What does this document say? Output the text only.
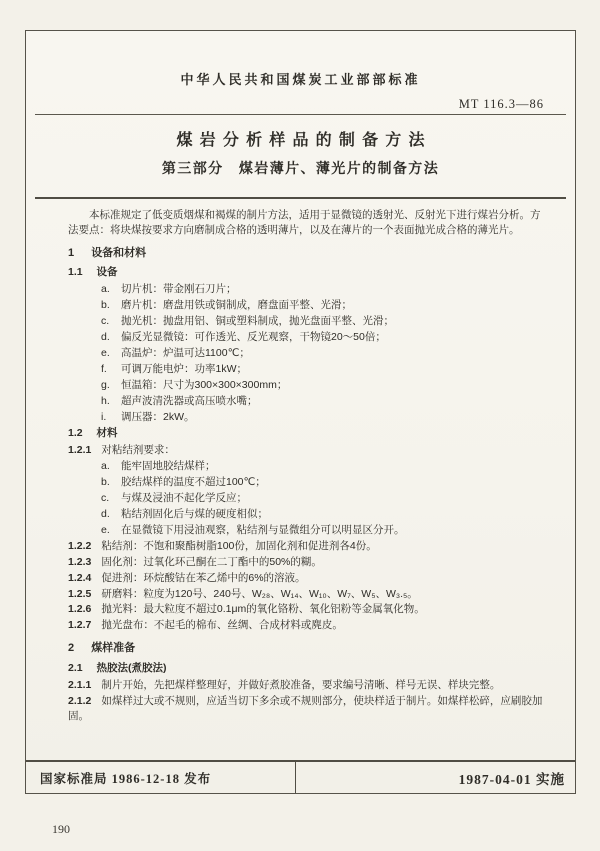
中华人民共和国煤炭工业部部标准
MT 116.3—86
煤岩分析样品的制备方法
第三部分　煤岩薄片、薄光片的制备方法

本标准规定了低变质烟煤和褐煤的制片方法，适用于显微镜的透射光、反射光下进行煤岩分析。方法要点：将块煤按要求方向磨制成合格的透明薄片，以及在薄片的一个表面抛光成合格的薄光片。

1 设备和材料
1.1 设备
a. 切片机：带金刚石刀片；
b. 磨片机：磨盘用铁或铜制成，磨盘面平整、光滑；
c. 抛光机：抛盘用铝、铜或塑料制成，抛光盘面平整、光滑；
d. 偏反光显微镜：可作透光、反光观察，干物镜20～50倍；
e. 高温炉：炉温可达1100℃；
f. 可调万能电炉：功率1kW；
g. 恒温箱：尺寸为300×300×300mm；
h. 超声波清洗器或高压喷水嘴；
i. 调压器：2kW。
1.2 材料
1.2.1 对粘结剂要求：
a. 能牢固地胶结煤样；
b. 胶结煤样的温度不超过100℃；
c. 与煤及浸油不起化学反应；
d. 粘结剂固化后与煤的硬度相似；
e. 在显微镜下用浸油观察，粘结剂与显微组分可以明显区分开。
1.2.2 粘结剂：不饱和聚酯树脂100份，加固化剂和促进剂各4份。
1.2.3 固化剂：过氧化环己酮在二丁酯中的50%的糊。
1.2.4 促进剂：环烷酸钴在苯乙烯中的6%的溶液。
1.2.5 研磨料：粒度为120号、240号、W₂₈、W₁₄、W₁₀、W₇、W₅、W₃.₅。
1.2.6 抛光料：最大粒度不超过0.1μm的氧化铬粉、氧化铝粉等金属氧化物。
1.2.7 抛光盘布：不起毛的棉布、丝绸、合成材料或麂皮。
2 煤样准备
2.1 热胶法(煮胶法)
2.1.1 制片开始，先把煤样整理好，并做好煮胶准备，要求编号清晰、样号无误、样块完整。
2.1.2 如煤样过大或不规则，应适当切下多余或不规则部分，使块样适于制片。如煤样松碎，应刷胶加固。
国家标准局 1986-12-18 发布	1987-04-01 实施
190
